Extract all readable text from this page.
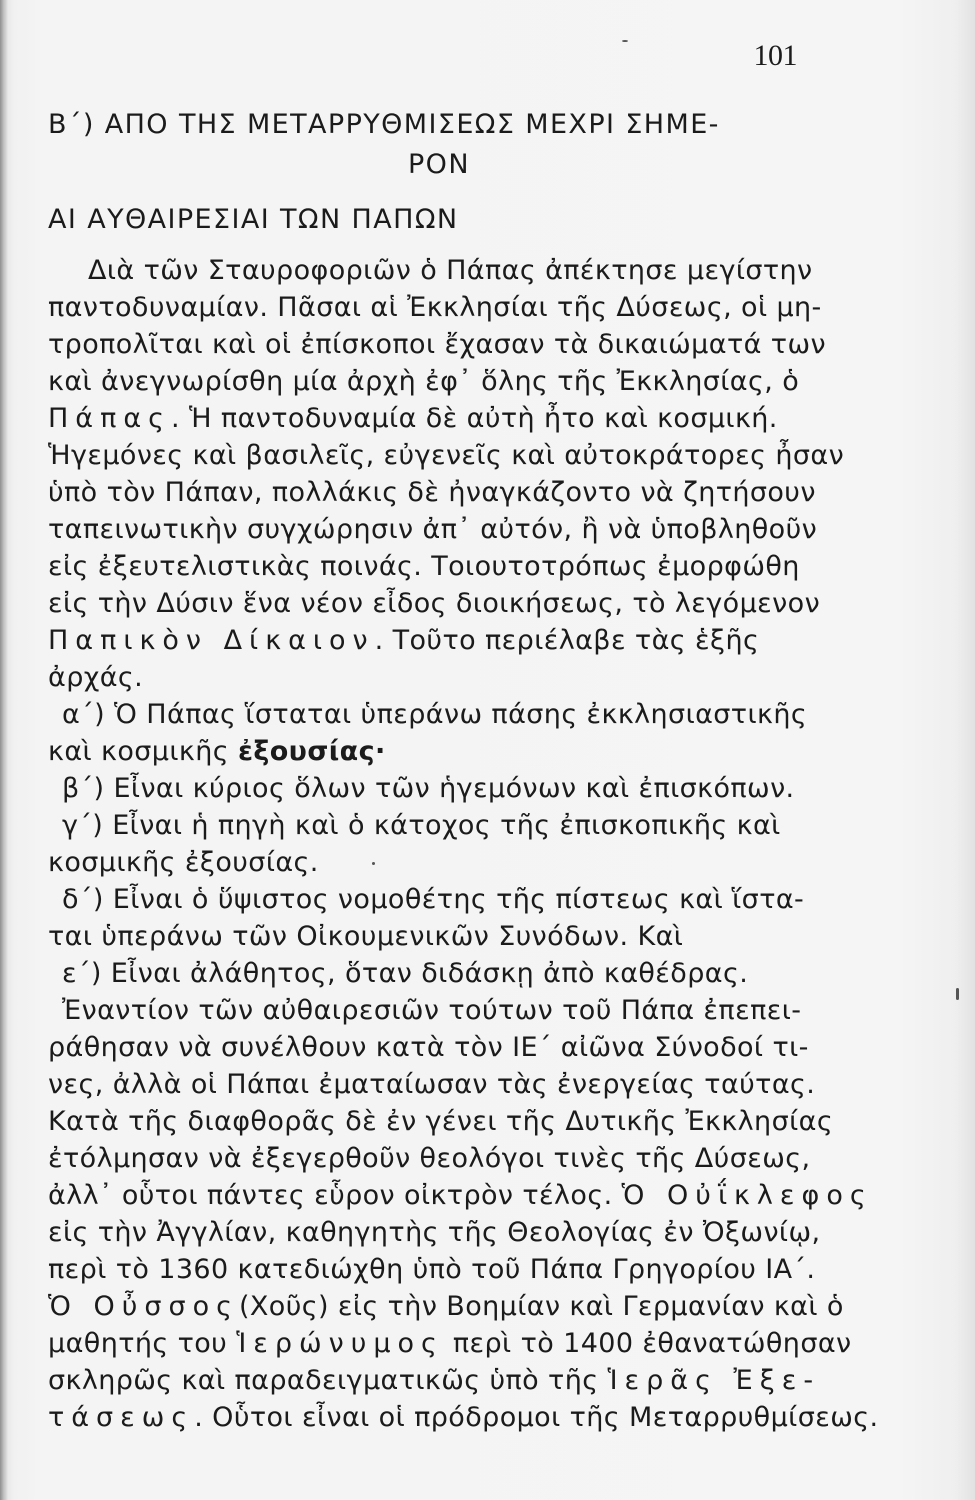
101
Β΄) ΑΠΟ ΤΗΣ ΜΕΤΑΡΡΥΘΜΙΣΕΩΣ ΜΕΧΡΙ ΣΗΜΕ-
ΡΟΝ
ΑΙ ΑΥΘΑΙΡΕΣΙΑΙ ΤΩΝ ΠΑΠΩΝ
Διὰ τῶν Σταυροφοριῶν ὁ Πάπας ἀπέκτησε μεγίστην
παντοδυναμίαν. Πᾶσαι αἱ Ἐκκλησίαι τῆς Δύσεως, οἱ μη-
τροπολῖται καὶ οἱ ἐπίσκοποι ἔχασαν τὰ δικαιώματά των
καὶ ἀνεγνωρίσθη μία ἀρχὴ ἐφ᾽ ὅλης τῆς Ἐκκλησίας, ὁ
Πάπας. Ἡ παντοδυναμία δὲ αὐτὴ ἦτο καὶ κοσμική.
Ἡγεμόνες καὶ βασιλεῖς, εὐγενεῖς καὶ αὐτοκράτορες ἦσαν
ὑπὸ τὸν Πάπαν, πολλάκις δὲ ἠναγκάζοντο νὰ ζητήσουν
ταπεινωτικὴν συγχώρησιν ἀπ᾽ αὐτόν, ἢ νὰ ὑποβληθοῦν
εἰς ἐξευτελιστικὰς ποινάς. Τοιουτοτρόπως ἐμορφώθη
εἰς τὴν Δύσιν ἕνα νέον εἶδος διοικήσεως, τὸ λεγόμενον
Παπικὸν Δίκαιον. Τοῦτο περιέλαβε τὰς ἑξῆς
ἀρχάς.
α΄) Ὁ Πάπας ἵσταται ὑπεράνω πάσης ἐκκλησιαστικῆς
καὶ κοσμικῆς ἐξουσίας·
β΄) Εἶναι κύριος ὅλων τῶν ἡγεμόνων καὶ ἐπισκόπων.
γ΄) Εἶναι ἡ πηγὴ καὶ ὁ κάτοχος τῆς ἐπισκοπικῆς καὶ
κοσμικῆς ἐξουσίας.
δ΄) Εἶναι ὁ ὕψιστος νομοθέτης τῆς πίστεως καὶ ἵστα-
ται ὑπεράνω τῶν Οἰκουμενικῶν Συνόδων. Καὶ
ε΄) Εἶναι ἀλάθητος, ὅταν διδάσκῃ ἀπὸ καθέδρας.
Ἐναντίον τῶν αὐθαιρεσιῶν τούτων τοῦ Πάπα ἐπεπει-
ράθησαν νὰ συνέλθουν κατὰ τὸν ΙΕ΄ αἰῶνα Σύνοδοί τι-
νες, ἀλλὰ οἱ Πάπαι ἐματαίωσαν τὰς ἐνεργείας ταύτας.
Κατὰ τῆς διαφθορᾶς δὲ ἐν γένει τῆς Δυτικῆς Ἐκκλησίας
ἐτόλμησαν νὰ ἐξεγερθοῦν θεολόγοι τινὲς τῆς Δύσεως,
ἀλλ᾽ οὗτοι πάντες εὗρον οἰκτρὸν τέλος. Ὁ Οὐΐκλεφος
εἰς τὴν Ἀγγλίαν, καθηγητὴς τῆς Θεολογίας ἐν Ὀξωνίῳ,
περὶ τὸ 1360 κατεδιώχθη ὑπὸ τοῦ Πάπα Γρηγορίου ΙΑ΄.
Ὁ Οὖσσος(Χοῦς) εἰς τὴν Βοημίαν καὶ Γερμανίαν καὶ ὁ
μαθητής του Ἱερώνυμος περὶ τὸ 1400 ἐθανατώθησαν
σκληρῶς καὶ παραδειγματικῶς ὑπὸ τῆς Ἱερᾶς Ἐξε-
τάσεως. Οὗτοι εἶναι οἱ πρόδρομοι τῆς Μεταρρυθμίσεως.
